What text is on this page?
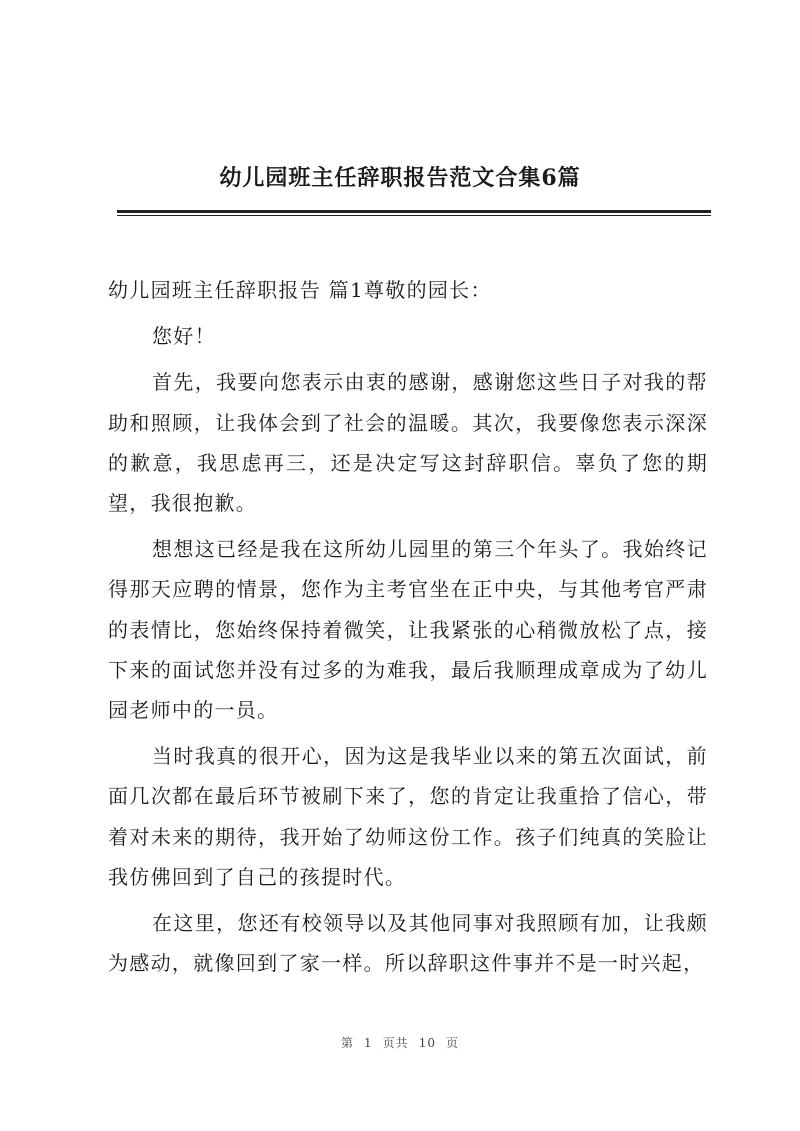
幼儿园班主任辞职报告范文合集6篇

幼儿园班主任辞职报告 篇1尊敬的园长：

您好！

首先，我要向您表示由衷的感谢，感谢您这些日子对我的帮助和照顾，让我体会到了社会的温暖。其次，我要像您表示深深的歉意，我思虑再三，还是决定写这封辞职信。辜负了您的期望，我很抱歉。

想想这已经是我在这所幼儿园里的第三个年头了。我始终记得那天应聘的情景，您作为主考官坐在正中央，与其他考官严肃的表情比，您始终保持着微笑，让我紧张的心稍微放松了点，接下来的面试您并没有过多的为难我，最后我顺理成章成为了幼儿园老师中的一员。

当时我真的很开心，因为这是我毕业以来的第五次面试，前面几次都在最后环节被刷下来了，您的肯定让我重拾了信心，带着对未来的期待，我开始了幼师这份工作。孩子们纯真的笑脸让我仿佛回到了自己的孩提时代。

在这里，您还有校领导以及其他同事对我照顾有加，让我颇为感动，就像回到了家一样。所以辞职这件事并不是一时兴起，

第 1 页共 10 页
